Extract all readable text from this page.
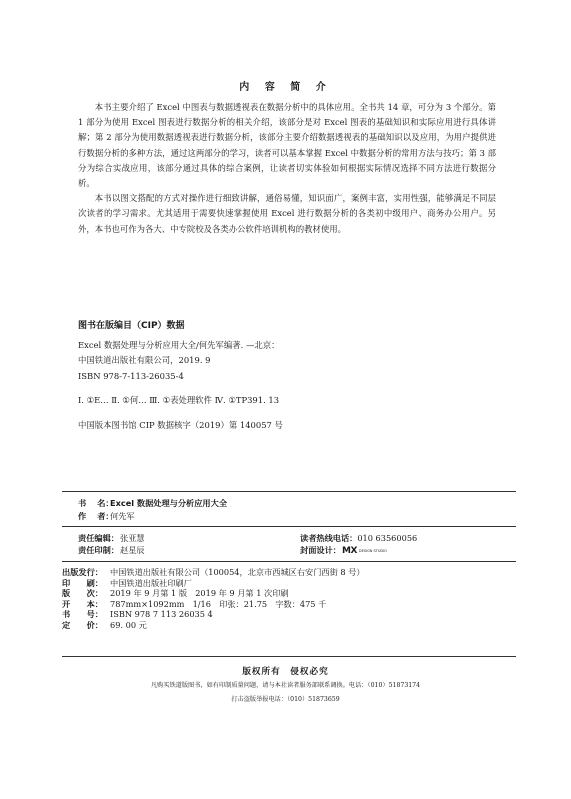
内 容 简 介

本书主要介绍了 Excel 中图表与数据透视表在数据分析中的具体应用。全书共 14 章，可分为 3 个部分。第 1 部分为使用 Excel 图表进行数据分析的相关介绍，该部分是对 Excel 图表的基础知识和实际应用进行具体讲解；第 2 部分为使用数据透视表进行数据分析，该部分主要介绍数据透视表的基础知识以及应用，为用户提供进行数据分析的多种方法，通过这两部分的学习，读者可以基本掌握 Excel 中数据分析的常用方法与技巧；第 3 部分为综合实战应用，该部分通过具体的综合案例，让读者切实体验如何根据实际情况选择不同方法进行数据分析。

本书以图文搭配的方式对操作进行细致讲解，通俗易懂，知识面广，案例丰富，实用性强，能够满足不同层次读者的学习需求。尤其适用于需要快速掌握使用 Excel 进行数据分析的各类初中级用户、商务办公用户。另外，本书也可作为各大、中专院校及各类办公软件培训机构的教材使用。

图书在版编目（CIP）数据
Excel 数据处理与分析应用大全/何先军编著. —北京：
中国铁道出版社有限公司，2019. 9
ISBN 978-7-113-26035-4
Ⅰ. ①E… Ⅱ. ①何… Ⅲ. ①表处理软件 Ⅳ. ①TP391. 13
中国版本图书馆 CIP 数据核字（2019）第 140057 号
书　 名：Excel 数据处理与分析应用大全
作　 者：何先军
责任编辑：张亚慧
责任印制：赵星辰
读者热线电话：010 63560056
封面设计：MX DESIGN STUDIO
出版发行： 中国铁道出版社有限公司（100054，北京市西城区右安门西街 8 号）
印　　刷： 中国铁道出版社印刷厂
版　　次： 2019 年 9 月第 1 版　2019 年 9 月第 1 次印刷
开　　本： 787mm×1092mm　1/16　印张：21.75　字数：475 千
书　　号： ISBN 978 7 113 26035 4
定　　价： 69. 00 元
版权所有　侵权必究
凡购买铁道版图书，如有印制质量问题，请与本社读者服务部联系调换。电话：（010）51873174
打击盗版举报电话：（010）51873659
